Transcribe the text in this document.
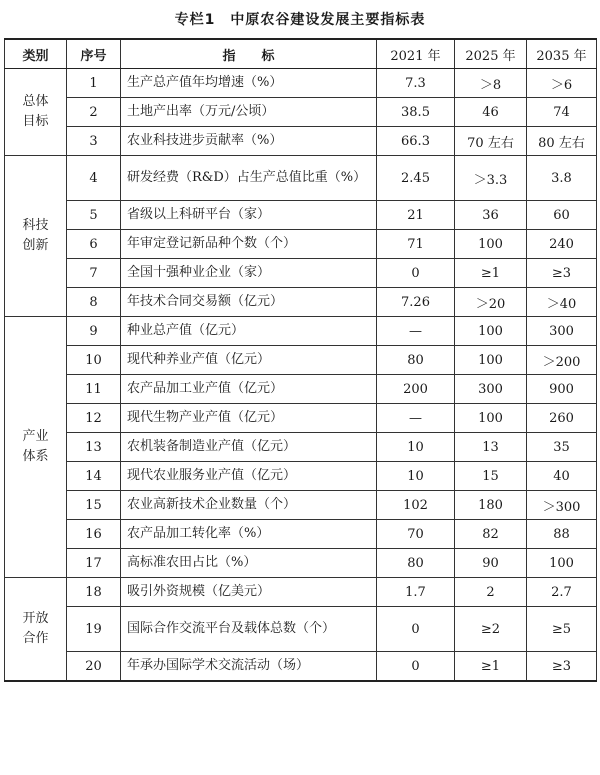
专栏1　中原农谷建设发展主要指标表
类别	序号	指　　标	2021 年	2025 年	2035 年
总体
目标	1	生产总产值年均增速（%）	7.3	＞8	＞6
	2	土地产出率（万元/公顷）	38.5	46	74
	3	农业科技进步贡献率（%）	66.3	70 左右	80 左右
科技
创新	4	研发经费（R&D）占生产总值比重（%）	2.45	＞3.3	3.8
	5	省级以上科研平台（家）	21	36	60
	6	年审定登记新品种个数（个）	71	100	240
	7	全国十强种业企业（家）	0	≥1	≥3
	8	年技术合同交易额（亿元）	7.26	＞20	＞40
产业
体系	9	种业总产值（亿元）	—	100	300
	10	现代种养业产值（亿元）	80	100	＞200
	11	农产品加工业产值（亿元）	200	300	900
	12	现代生物产业产值（亿元）	—	100	260
	13	农机装备制造业产值（亿元）	10	13	35
	14	现代农业服务业产值（亿元）	10	15	40
	15	农业高新技术企业数量（个）	102	180	＞300
	16	农产品加工转化率（%）	70	82	88
	17	高标准农田占比（%）	80	90	100
开放
合作	18	吸引外资规模（亿美元）	1.7	2	2.7
	19	国际合作交流平台及载体总数（个）	0	≥2	≥5
	20	年承办国际学术交流活动（场）	0	≥1	≥3
